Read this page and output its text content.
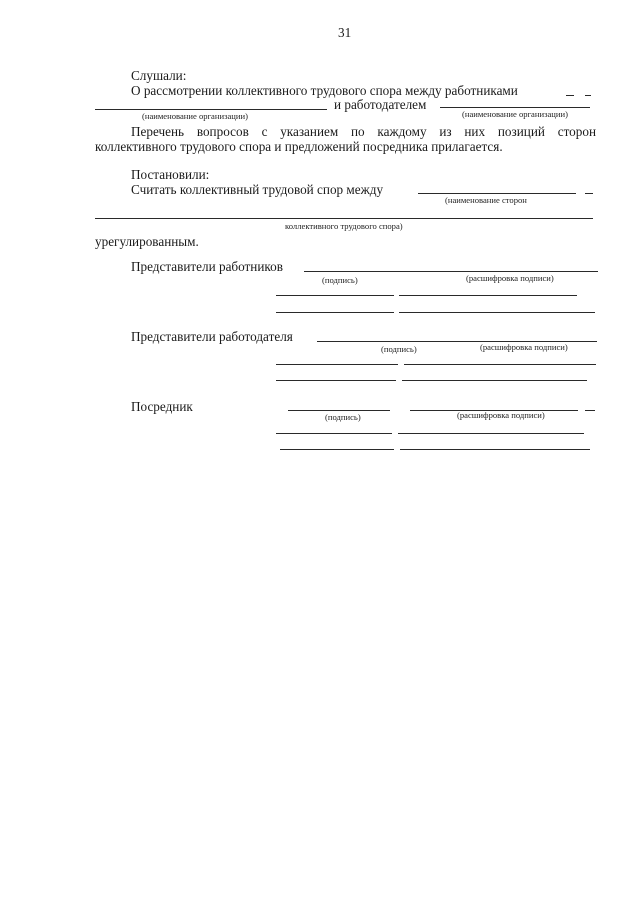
31
Слушали:
О рассмотрении коллективного трудового спора между работниками
и работодателем
(наименование организации)	(наименование организации)
Перечень вопросов с указанием по каждому из них позиций сторон
коллективного трудового спора и предложений посредника прилагается.
Постановили:
Считать коллективный трудовой спор между
(наименование сторон
коллективного трудового спора)
урегулированным.
Представители работников
(подпись)	(расшифровка подписи)
Представители работодателя
(подпись)	(расшифровка подписи)
Посредник
(подпись)	(расшифровка подписи)
